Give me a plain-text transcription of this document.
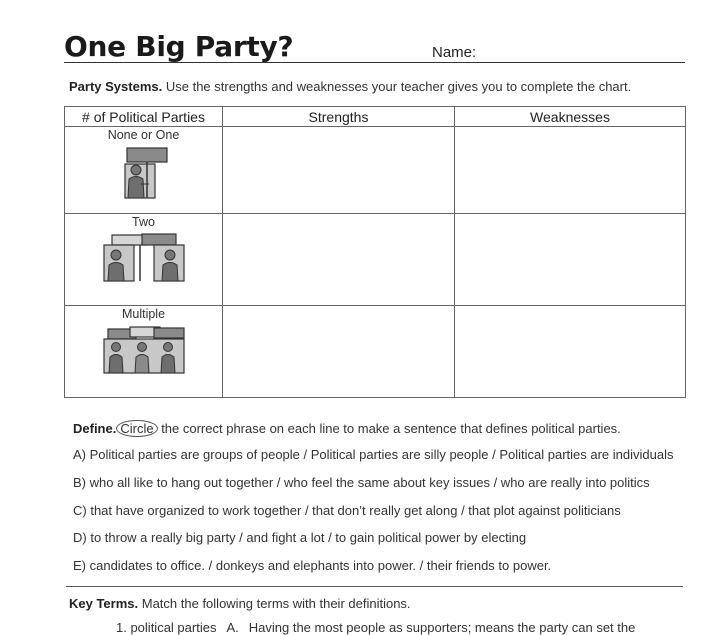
One Big Party?	Name:
Party Systems. Use the strengths and weaknesses your teacher gives you to complete the chart.
# of Political Parties	Strengths	Weaknesses

None or One		

Two		

Multiple		

Define. Circle the correct phrase on each line to make a sentence that defines political parties.
A) Political parties are groups of people / Political parties are silly people / Political parties are individuals
B) who all like to hang out together / who feel the same about key issues / who are really into politics
C) that have organized to work together / that don’t really get along / that plot against politicians
D) to throw a really big party / and fight a lot / to gain political power by electing
E) candidates to office. / donkeys and elephants into power. / their friends to power.
Key Terms. Match the following terms with their definitions.
1. political parties A. Having the most people as supporters; means the party can set the
